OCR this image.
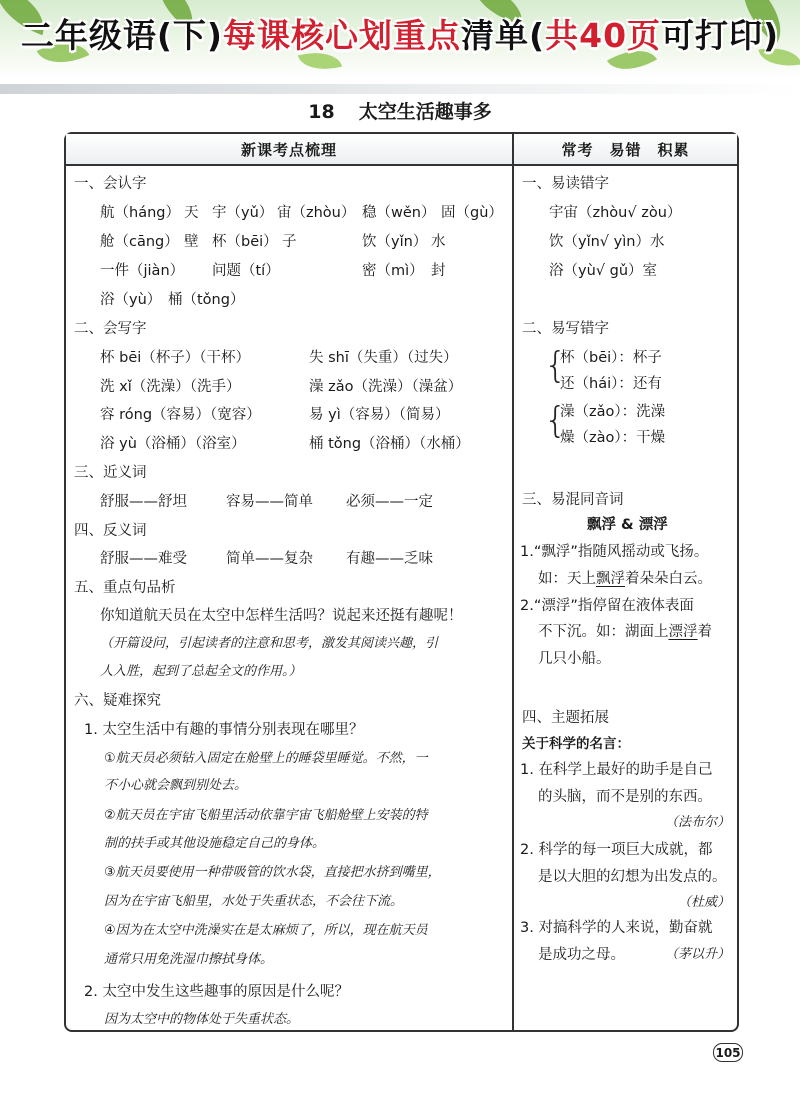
二年级语(下)每课核心划重点清单(共40页可打印)
18 太空生活趣事多
新课考点梳理	常考　易错　积累
一、会认字
航（háng） 天 宇（yǔ） 宙（zhòu） 稳（wěn） 固（gù）
舱（cāng） 壁 杯（bēi） 子	饮（yǐn） 水
一件（jiàn） 问题（tí）	密（mì） 封
浴（yù） 桶（tǒng）
二、会写字
杯 bēi（杯子）（干杯）	失 shī（失重）（过失）
洗 xǐ（洗澡）（洗手）	澡 zǎo（洗澡）（澡盆）
容 róng（容易）（宽容）	易 yì（容易）（简易）
浴 yù（浴桶）（浴室）	桶 tǒng（浴桶）（水桶）
三、近义词
舒服——舒坦	容易——简单 必须——一定
四、反义词
舒服——难受	简单——复杂 有趣——乏味
五、重点句品析
你知道航天员在太空中怎样生活吗？说起来还挺有趣呢！
（开篇设问，引起读者的注意和思考，激发其阅读兴趣，引
人入胜，起到了总起全文的作用。）
六、疑难探究
1. 太空生活中有趣的事情分别表现在哪里？
①航天员必须钻入固定在舱壁上的睡袋里睡觉。不然，一
不小心就会飘到别处去。
②航天员在宇宙飞船里活动依靠宇宙飞船舱壁上安装的特
制的扶手或其他设施稳定自己的身体。
③航天员要使用一种带吸管的饮水袋，直接把水挤到嘴里，
因为在宇宙飞船里，水处于失重状态，不会往下流。
④因为在太空中洗澡实在是太麻烦了，所以，现在航天员
通常只用免洗湿巾擦拭身体。
2. 太空中发生这些趣事的原因是什么呢？
因为太空中的物体处于失重状态。
一、易读错字
宇宙（zhòu√ zòu）
饮（yǐn√ yìn）水
浴（yù√ gǔ）室
二、易写错字
{
杯（bēi）：杯子
还（hái）：还有
{
澡（zǎo）：洗澡
燥（zào）：干燥
三、易混同音词
飘浮 & 漂浮
1.“飘浮”指随风摇动或飞扬。
如：天上飘浮着朵朵白云。
2.“漂浮”指停留在液体表面
不下沉。如：湖面上漂浮着
几只小船。
四、主题拓展
关于科学的名言：
1. 在科学上最好的助手是自己
的头脑，而不是别的东西。
（法布尔）
2. 科学的每一项巨大成就，都
是以大胆的幻想为出发点的。
（杜威）
3. 对搞科学的人来说，勤奋就
是成功之母。	（茅以升）
105
